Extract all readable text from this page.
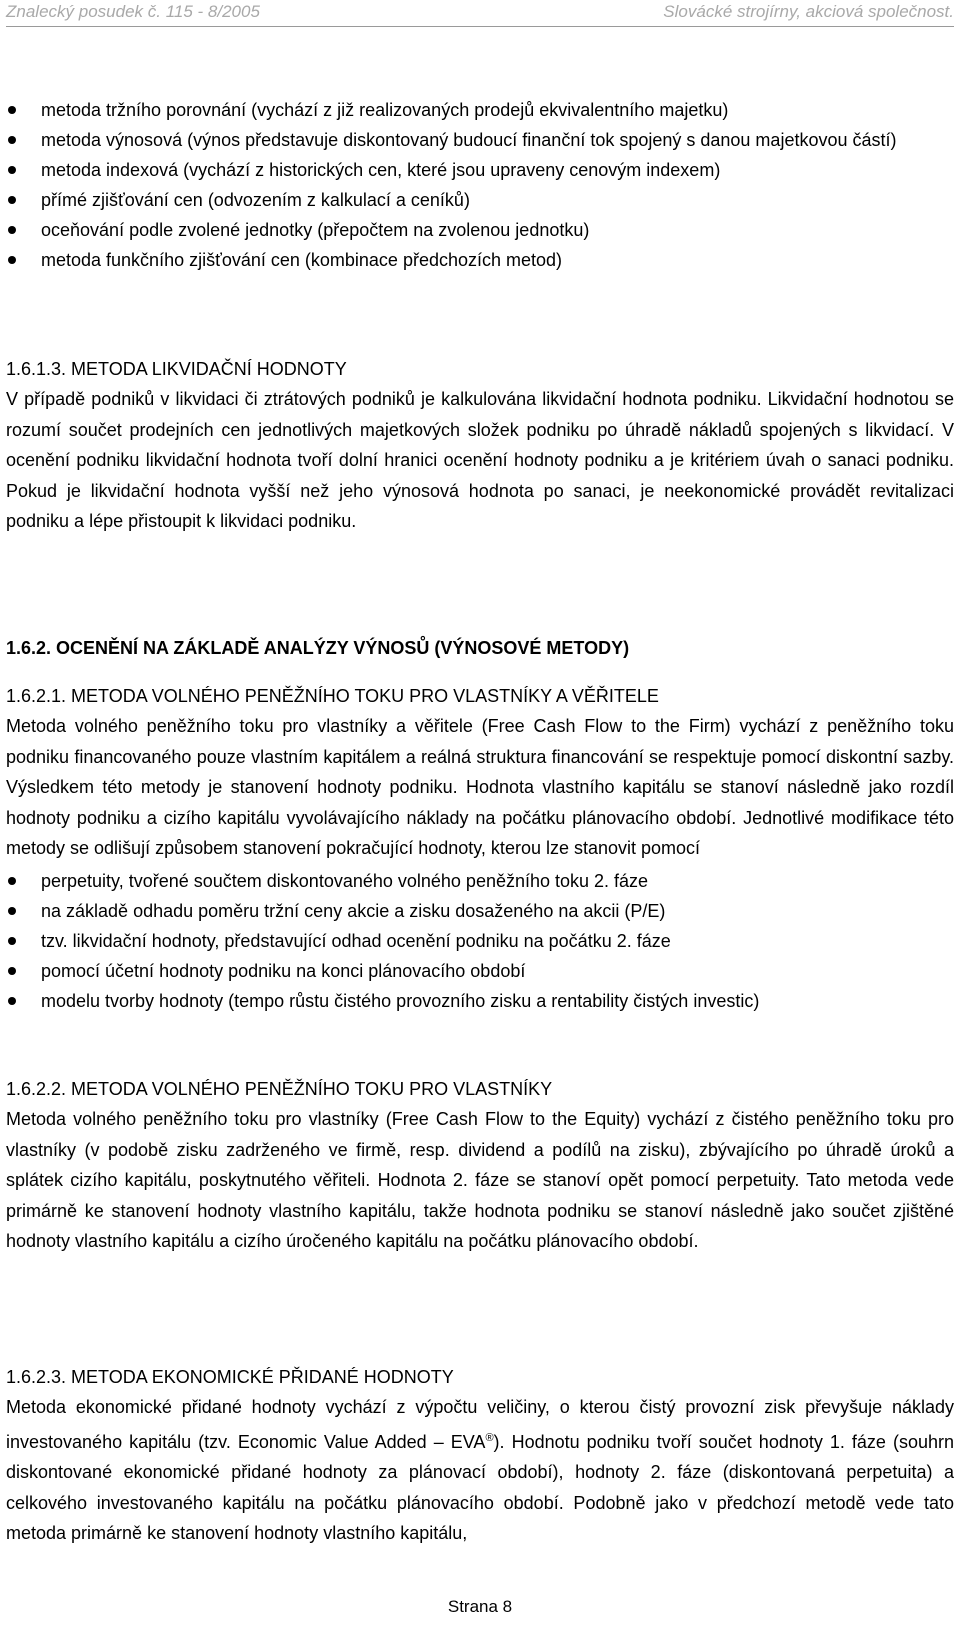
Znalecký posudek č. 115 - 8/2005	Slovácké strojírny, akciová společnost.
metoda tržního porovnání (vychází z již realizovaných prodejů ekvivalentního majetku)
metoda výnosová (výnos představuje diskontovaný budoucí finanční tok spojený s danou majetkovou částí)
metoda indexová (vychází z historických cen, které jsou upraveny cenovým indexem)
přímé zjišťování cen (odvozením z kalkulací a ceníků)
oceňování podle zvolené jednotky (přepočtem na zvolenou jednotku)
metoda funkčního zjišťování cen (kombinace předchozích metod)
1.6.1.3. METODA LIKVIDAČNÍ HODNOTY

V případě podniků v likvidaci či ztrátových podniků je kalkulována likvidační hodnota podniku. Likvidační hodnotou se rozumí součet prodejních cen jednotlivých majetkových složek podniku po úhradě nákladů spojených s likvidací. V ocenění podniku likvidační hodnota tvoří dolní hranici ocenění hodnoty podniku a je kritériem úvah o sanaci podniku. Pokud je likvidační hodnota vyšší než jeho výnosová hodnota po sanaci, je neekonomické provádět revitalizaci podniku a lépe přistoupit k likvidaci podniku.

1.6.2. OCENĚNÍ NA ZÁKLADĚ ANALÝZY VÝNOSŮ (VÝNOSOVÉ METODY)
1.6.2.1. METODA VOLNÉHO PENĚŽNÍHO TOKU PRO VLASTNÍKY A VĚŘITELE

Metoda volného peněžního toku pro vlastníky a věřitele (Free Cash Flow to the Firm) vychází z peněžního toku podniku financovaného pouze vlastním kapitálem a reálná struktura financování se respektuje pomocí diskontní sazby. Výsledkem této metody je stanovení hodnoty podniku. Hodnota vlastního kapitálu se stanoví následně jako rozdíl hodnoty podniku a cizího kapitálu vyvolávajícího náklady na počátku plánovacího období. Jednotlivé modifikace této metody se odlišují způsobem stanovení pokračující hodnoty, kterou lze stanovit pomocí

perpetuity, tvořené součtem diskontovaného volného peněžního toku 2. fáze
na základě odhadu poměru tržní ceny akcie a zisku dosaženého na akcii (P/E)
tzv. likvidační hodnoty, představující odhad ocenění podniku na počátku 2. fáze
pomocí účetní hodnoty podniku na konci plánovacího období
modelu tvorby hodnoty (tempo růstu čistého provozního zisku a rentability čistých investic)
1.6.2.2. METODA VOLNÉHO PENĚŽNÍHO TOKU PRO VLASTNÍKY

Metoda volného peněžního toku pro vlastníky (Free Cash Flow to the Equity) vychází z čistého peněžního toku pro vlastníky (v podobě zisku zadrženého ve firmě, resp. dividend a podílů na zisku), zbývajícího po úhradě úroků a splátek cizího kapitálu, poskytnutého věřiteli. Hodnota 2. fáze se stanoví opět pomocí perpetuity. Tato metoda vede primárně ke stanovení hodnoty vlastního kapitálu, takže hodnota podniku se stanoví následně jako součet zjištěné hodnoty vlastního kapitálu a cizího úročeného kapitálu na počátku plánovacího období.

1.6.2.3. METODA EKONOMICKÉ PŘIDANÉ HODNOTY

Metoda ekonomické přidané hodnoty vychází z výpočtu veličiny, o kterou čistý provozní zisk převyšuje náklady investovaného kapitálu (tzv. Economic Value Added – EVA®). Hodnotu podniku tvoří součet hodnoty 1. fáze (souhrn diskontované ekonomické přidané hodnoty za plánovací období), hodnoty 2. fáze (diskontovaná perpetuita) a celkového investovaného kapitálu na počátku plánovacího období. Podobně jako v předchozí metodě vede tato metoda primárně ke stanovení hodnoty vlastního kapitálu,

Strana 8
